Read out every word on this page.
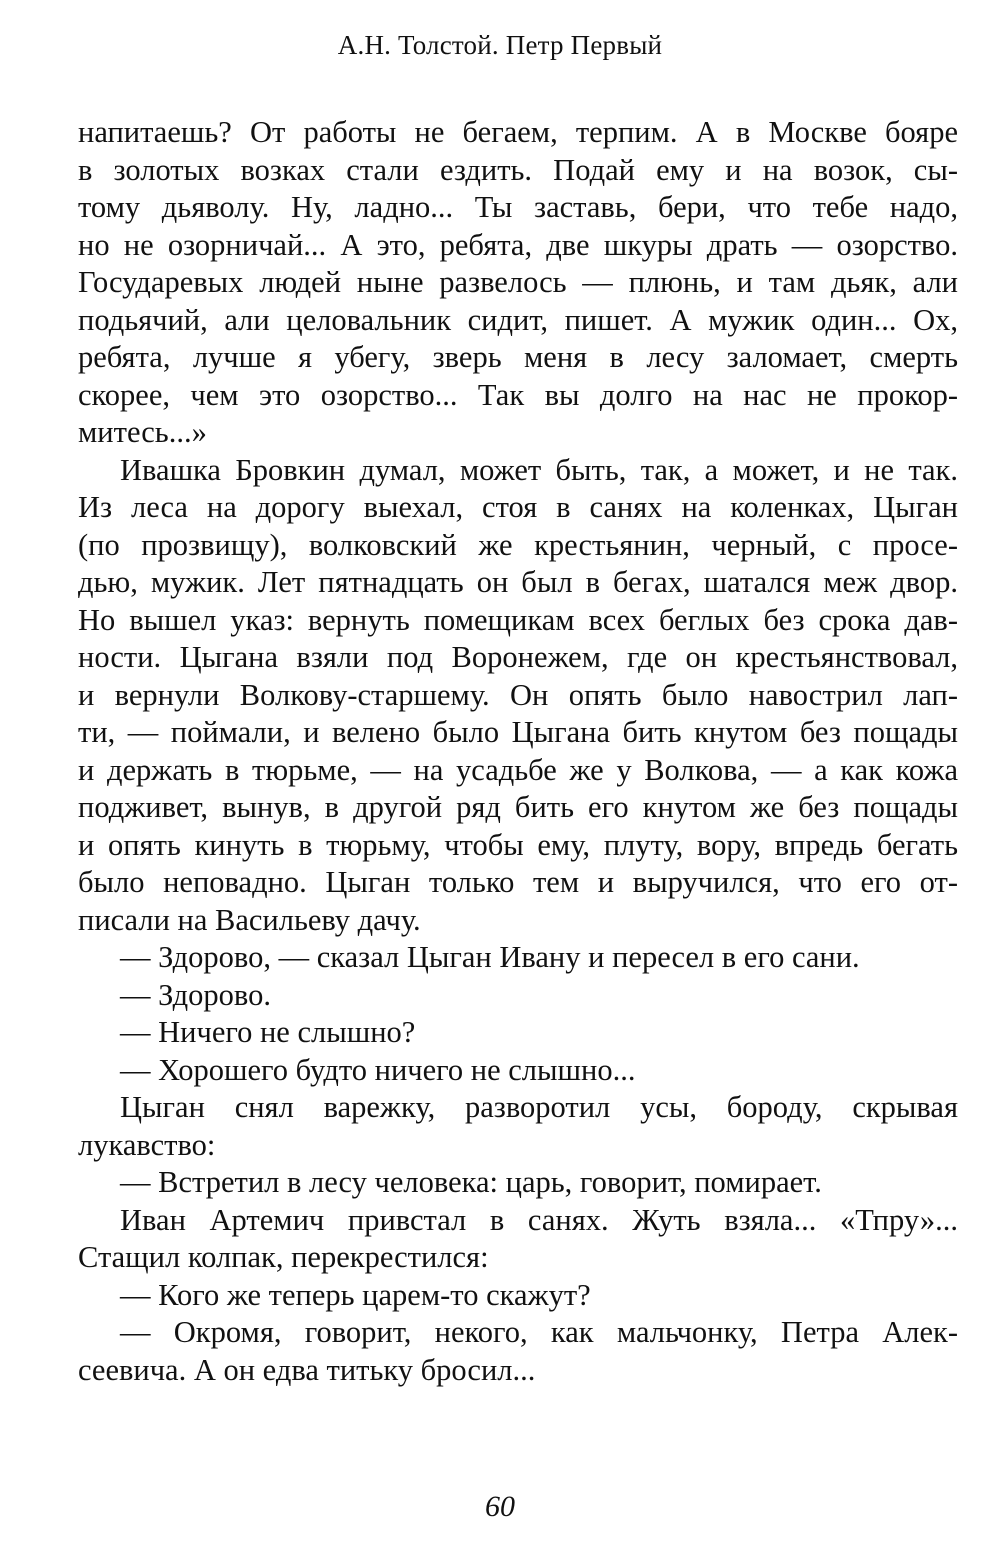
А.Н. Толстой. Петр Первый
напитаешь? От работы не бегаем, терпим. А в Москве бояре
в золотых возках стали ездить. Подай ему и на возок, сы-
тому дьяволу. Ну, ладно... Ты заставь, бери, что тебе надо,
но не озорничай... А это, ребята, две шкуры драть — озорство.
Государевых людей ныне развелось — плюнь, и там дьяк, али
подьячий, али целовальник сидит, пишет. А мужик один... Ох,
ребята, лучше я убегу, зверь меня в лесу заломает, смерть
скорее, чем это озорство... Так вы долго на нас не прокор-
митесь...»
Ивашка Бровкин думал, может быть, так, а может, и не так.
Из леса на дорогу выехал, стоя в санях на коленках, Цыган
(по прозвищу), волковский же крестьянин, черный, с просе-
дью, мужик. Лет пятнадцать он был в бегах, шатался меж двор.
Но вышел указ: вернуть помещикам всех беглых без срока дав-
ности. Цыгана взяли под Воронежем, где он крестьянствовал,
и вернули Волкову-старшему. Он опять было навострил лап-
ти, — поймали, и велено было Цыгана бить кнутом без пощады
и держать в тюрьме, — на усадьбе же у Волкова, — а как кожа
подживет, вынув, в другой ряд бить его кнутом же без пощады
и опять кинуть в тюрьму, чтобы ему, плуту, вору, впредь бегать
было неповадно. Цыган только тем и выручился, что его от-
писали на Васильеву дачу.
— Здорово, — сказал Цыган Ивану и пересел в его сани.
— Здорово.
— Ничего не слышно?
— Хорошего будто ничего не слышно...
Цыган снял варежку, разворотил усы, бороду, скрывая
лукавство:
— Встретил в лесу человека: царь, говорит, помирает.
Иван Артемич привстал в санях. Жуть взяла... «Тпру»...
Стащил колпак, перекрестился:
— Кого же теперь царем-то скажут?
— Окромя, говорит, некого, как мальчонку, Петра Алек-
сеевича. А он едва титьку бросил...
60
